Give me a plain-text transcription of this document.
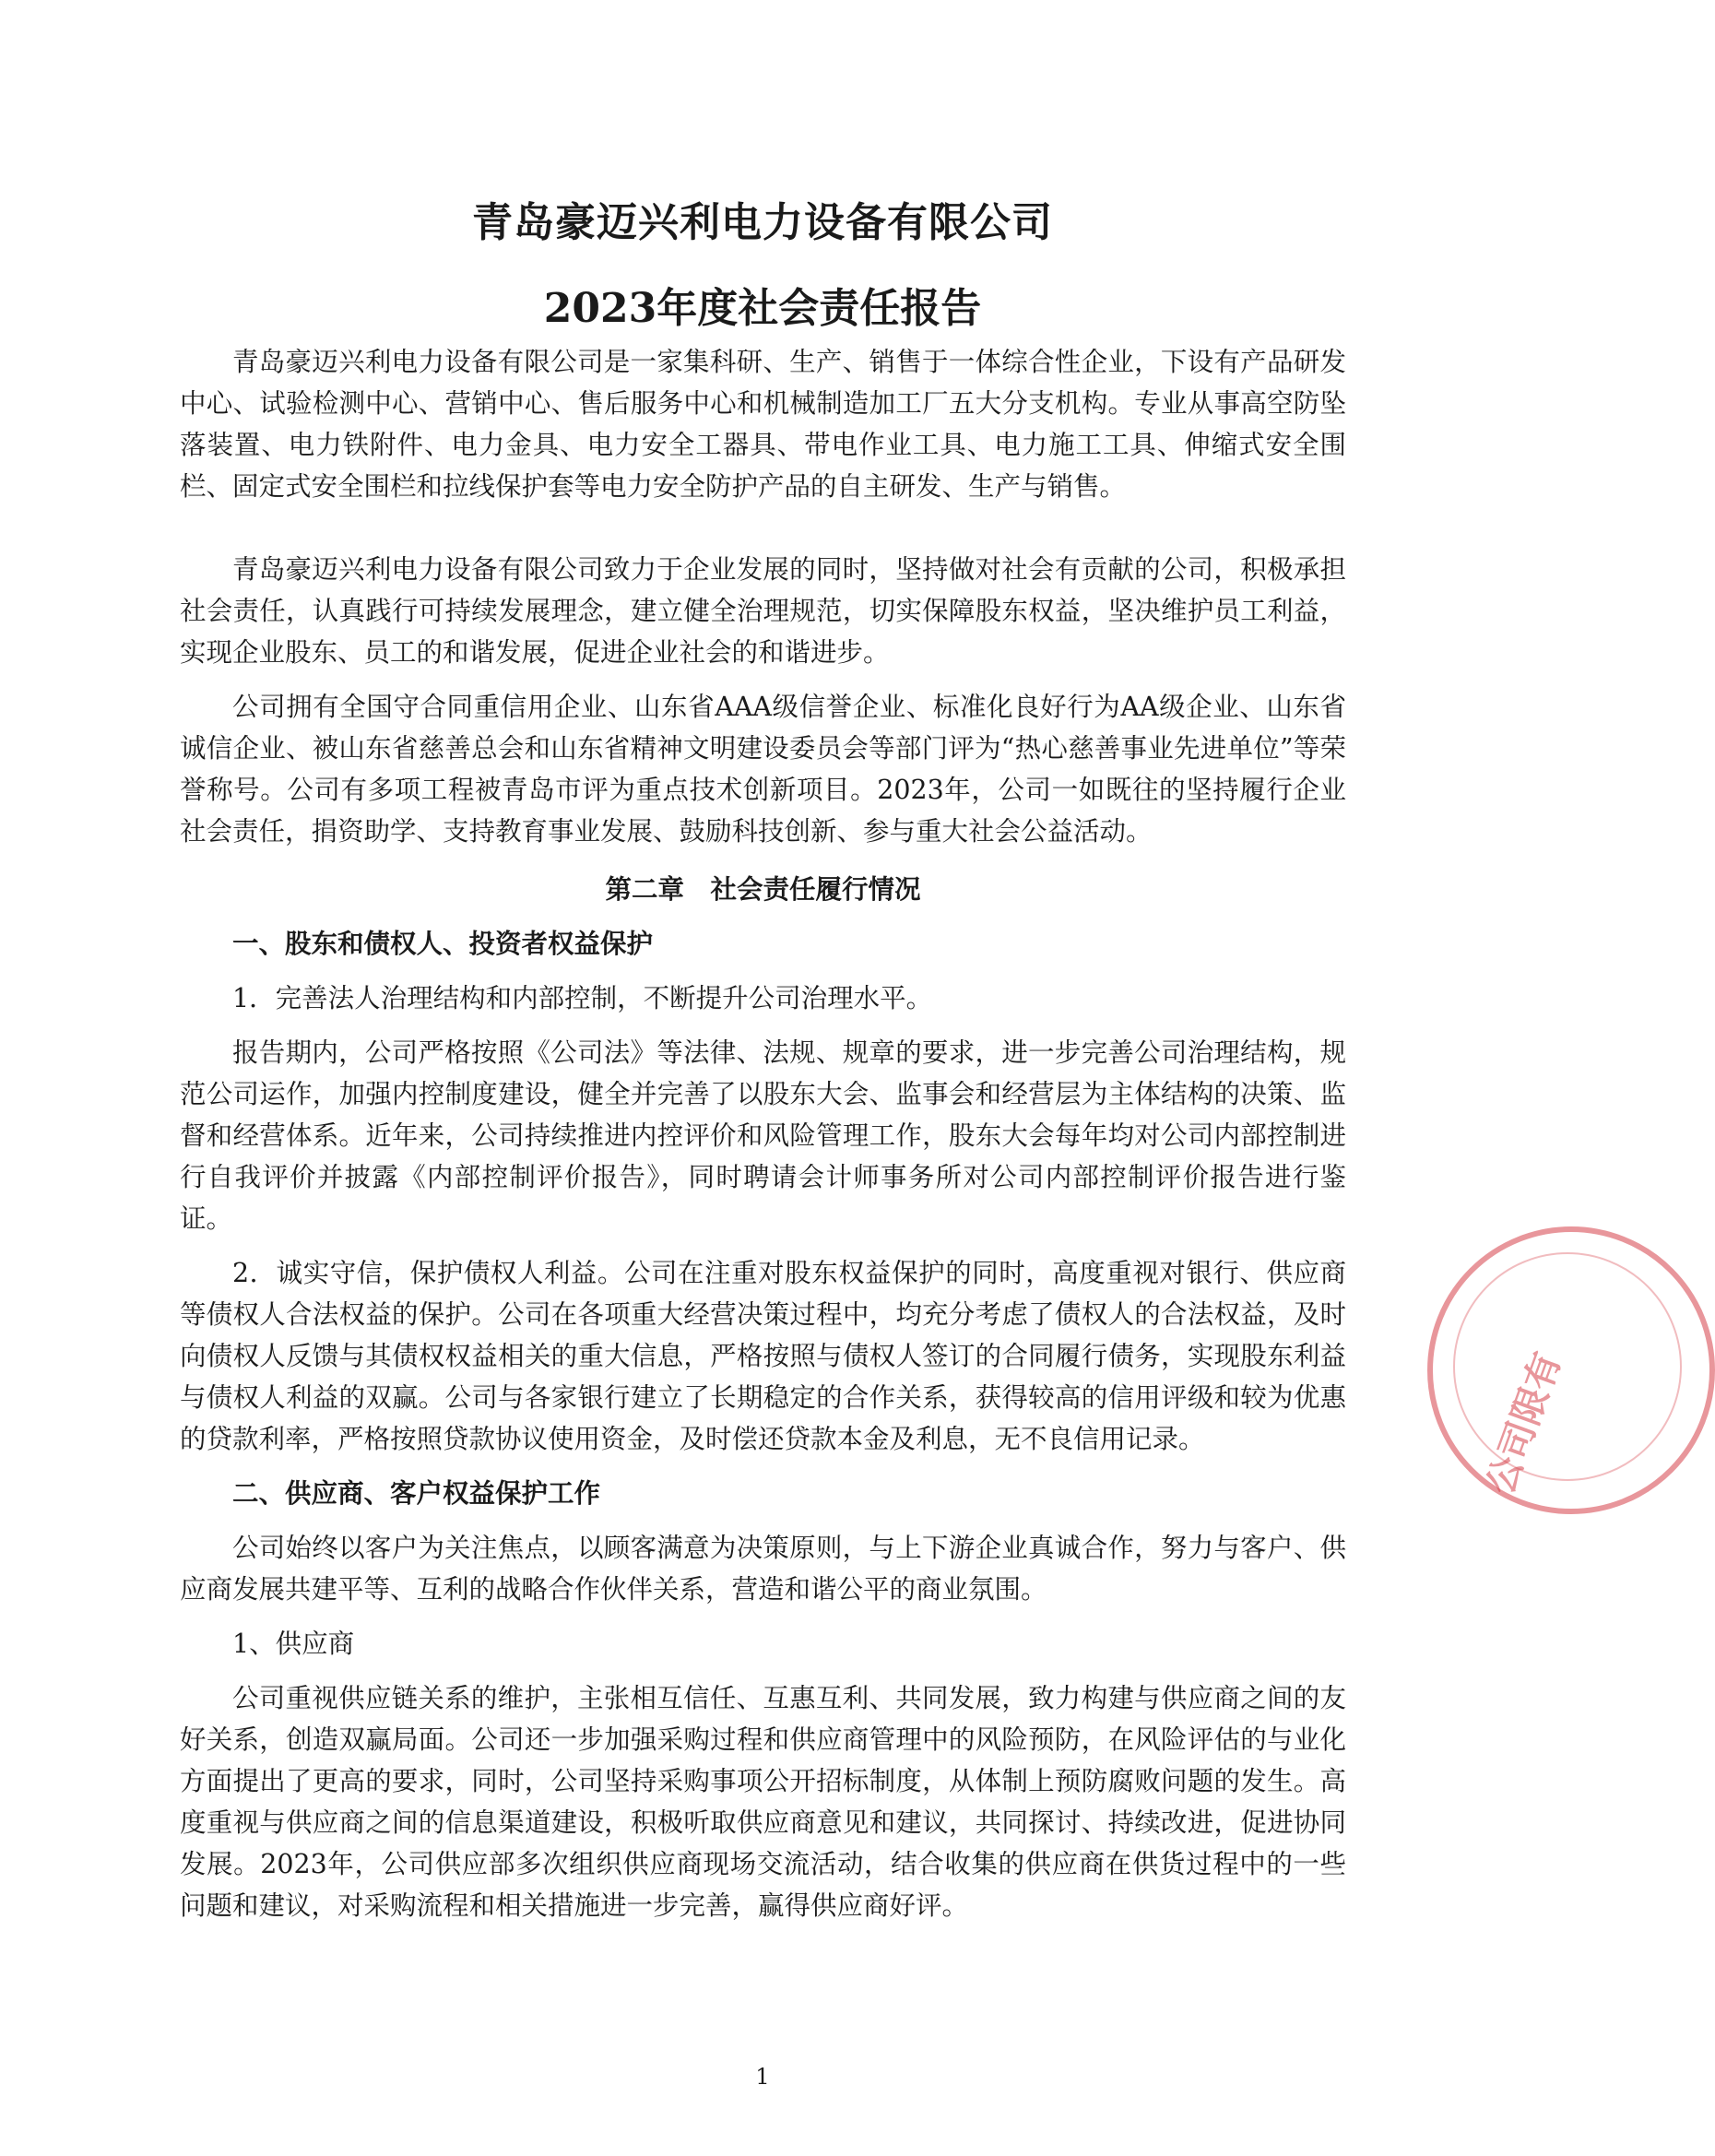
青岛豪迈兴利电力设备有限公司
2023年度社会责任报告

青岛豪迈兴利电力设备有限公司是一家集科研、生产、销售于一体综合性企业，下设有产品研发中心、试验检测中心、营销中心、售后服务中心和机械制造加工厂五大分支机构。专业从事高空防坠落装置、电力铁附件、电力金具、电力安全工器具、带电作业工具、电力施工工具、伸缩式安全围栏、固定式安全围栏和拉线保护套等电力安全防护产品的自主研发、生产与销售。

青岛豪迈兴利电力设备有限公司致力于企业发展的同时，坚持做对社会有贡献的公司，积极承担社会责任，认真践行可持续发展理念，建立健全治理规范，切实保障股东权益，坚决维护员工利益，实现企业股东、员工的和谐发展，促进企业社会的和谐进步。

公司拥有全国守合同重信用企业、山东省AAA级信誉企业、标准化良好行为AA级企业、山东省诚信企业、被山东省慈善总会和山东省精神文明建设委员会等部门评为“热心慈善事业先进单位”等荣誉称号。公司有多项工程被青岛市评为重点技术创新项目。2023年，公司一如既往的坚持履行企业社会责任，捐资助学、支持教育事业发展、鼓励科技创新、参与重大社会公益活动。

第二章　社会责任履行情况

一、股东和债权人、投资者权益保护

1．完善法人治理结构和内部控制，不断提升公司治理水平。

报告期内，公司严格按照《公司法》等法律、法规、规章的要求，进一步完善公司治理结构，规范公司运作，加强内控制度建设，健全并完善了以股东大会、监事会和经营层为主体结构的决策、监督和经营体系。近年来，公司持续推进内控评价和风险管理工作，股东大会每年均对公司内部控制进行自我评价并披露《内部控制评价报告》，同时聘请会计师事务所对公司内部控制评价报告进行鉴证。

2．诚实守信，保护债权人利益。公司在注重对股东权益保护的同时，高度重视对银行、供应商等债权人合法权益的保护。公司在各项重大经营决策过程中，均充分考虑了债权人的合法权益，及时向债权人反馈与其债权权益相关的重大信息，严格按照与债权人签订的合同履行债务，实现股东利益与债权人利益的双赢。公司与各家银行建立了长期稳定的合作关系，获得较高的信用评级和较为优惠的贷款利率，严格按照贷款协议使用资金，及时偿还贷款本金及利息，无不良信用记录。

二、供应商、客户权益保护工作

公司始终以客户为关注焦点，以顾客满意为决策原则，与上下游企业真诚合作，努力与客户、供应商发展共建平等、互利的战略合作伙伴关系，营造和谐公平的商业氛围。

1、供应商

公司重视供应链关系的维护，主张相互信任、互惠互利、共同发展，致力构建与供应商之间的友好关系，创造双赢局面。公司还一步加强采购过程和供应商管理中的风险预防，在风险评估的与业化方面提出了更高的要求，同时，公司坚持采购事项公开招标制度，从体制上预防腐败问题的发生。高度重视与供应商之间的信息渠道建设，积极听取供应商意见和建议，共同探讨、持续改进，促进协同发展。2023年，公司供应部多次组织供应商现场交流活动，结合收集的供应商在供货过程中的一些问题和建议，对采购流程和相关措施进一步完善，赢得供应商好评。

1
公司限有
